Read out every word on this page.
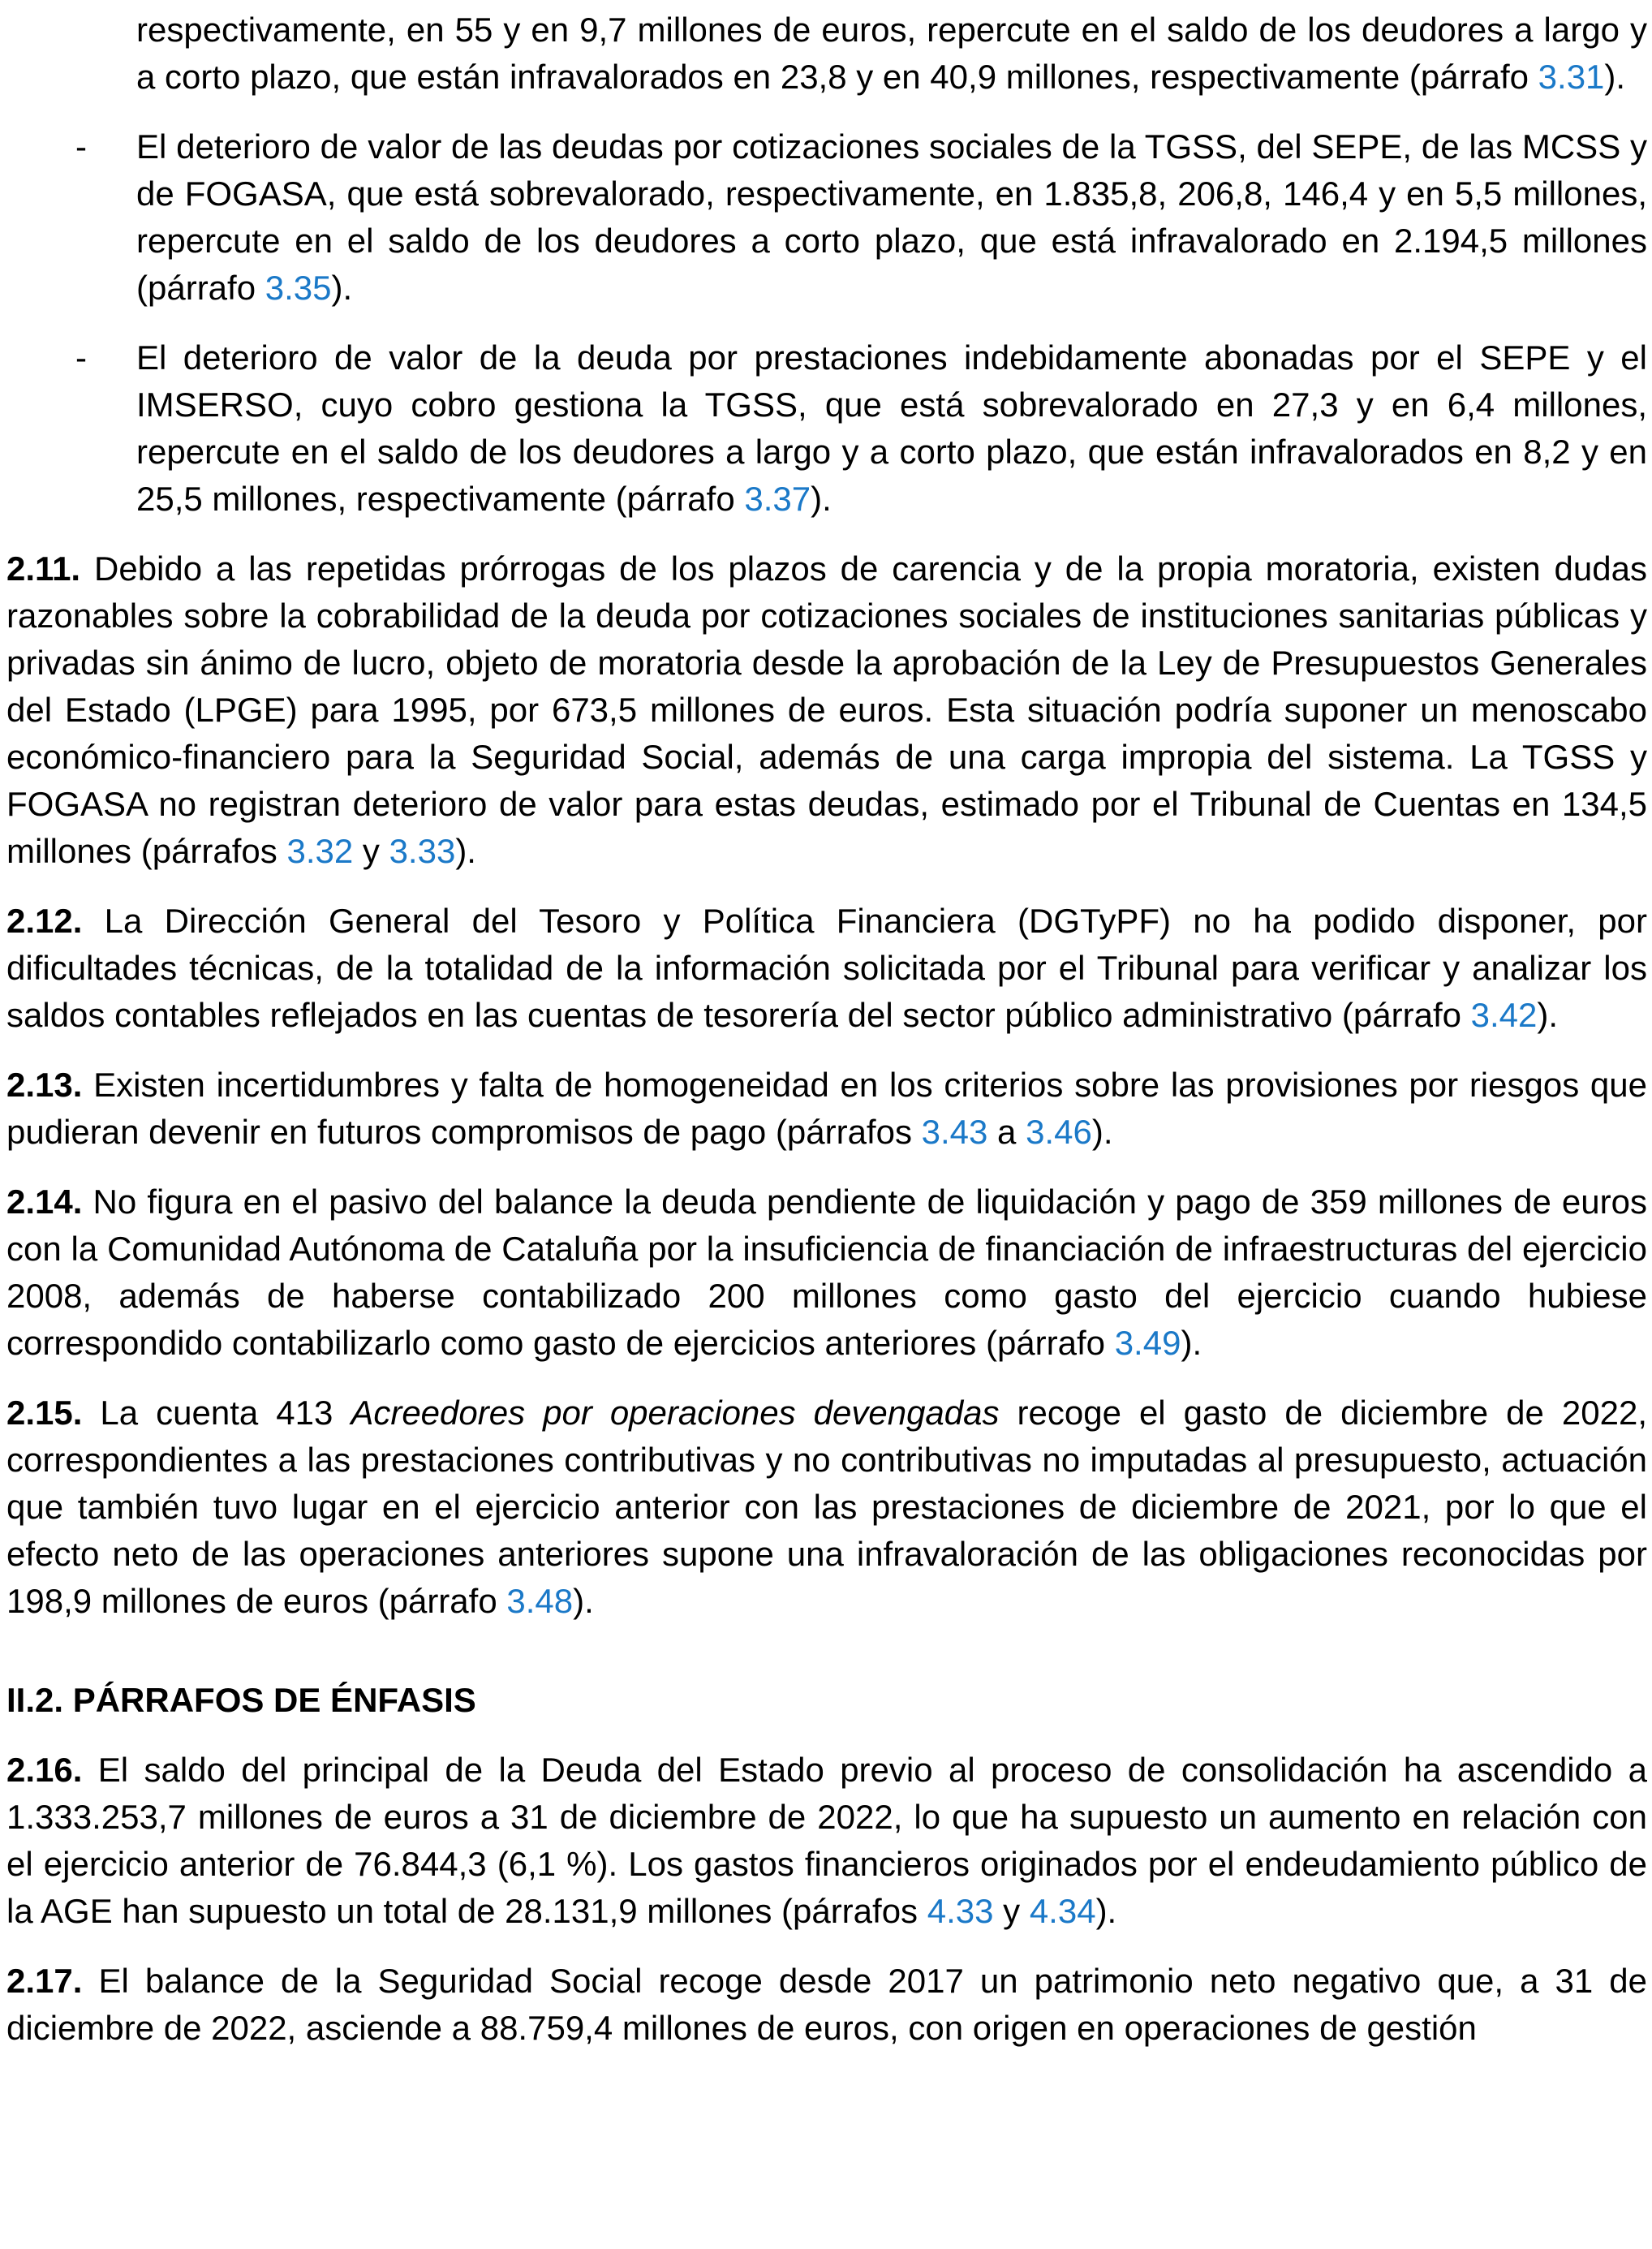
respectivamente, en 55 y en 9,7 millones de euros, repercute en el saldo de los deudores a largo y a corto plazo, que están infravalorados en 23,8 y en 40,9 millones, respectivamente (párrafo 3.31).
- El deterioro de valor de las deudas por cotizaciones sociales de la TGSS, del SEPE, de las MCSS y de FOGASA, que está sobrevalorado, respectivamente, en 1.835,8, 206,8, 146,4 y en 5,5 millones, repercute en el saldo de los deudores a corto plazo, que está infravalorado en 2.194,5 millones (párrafo 3.35).
- El deterioro de valor de la deuda por prestaciones indebidamente abonadas por el SEPE y el IMSERSO, cuyo cobro gestiona la TGSS, que está sobrevalorado en 27,3 y en 6,4 millones, repercute en el saldo de los deudores a largo y a corto plazo, que están infravalorados en 8,2 y en 25,5 millones, respectivamente (párrafo 3.37).

2.11. Debido a las repetidas prórrogas de los plazos de carencia y de la propia moratoria, existen dudas razonables sobre la cobrabilidad de la deuda por cotizaciones sociales de instituciones sanitarias públicas y privadas sin ánimo de lucro, objeto de moratoria desde la aprobación de la Ley de Presupuestos Generales del Estado (LPGE) para 1995, por 673,5 millones de euros. Esta situación podría suponer un menoscabo económico-financiero para la Seguridad Social, además de una carga impropia del sistema. La TGSS y FOGASA no registran deterioro de valor para estas deudas, estimado por el Tribunal de Cuentas en 134,5 millones (párrafos 3.32 y 3.33).

2.12. La Dirección General del Tesoro y Política Financiera (DGTyPF) no ha podido disponer, por dificultades técnicas, de la totalidad de la información solicitada por el Tribunal para verificar y analizar los saldos contables reflejados en las cuentas de tesorería del sector público administrativo (párrafo 3.42).

2.13. Existen incertidumbres y falta de homogeneidad en los criterios sobre las provisiones por riesgos que pudieran devenir en futuros compromisos de pago (párrafos 3.43 a 3.46).

2.14. No figura en el pasivo del balance la deuda pendiente de liquidación y pago de 359 millones de euros con la Comunidad Autónoma de Cataluña por la insuficiencia de financiación de infraestructuras del ejercicio 2008, además de haberse contabilizado 200 millones como gasto del ejercicio cuando hubiese correspondido contabilizarlo como gasto de ejercicios anteriores (párrafo 3.49).

2.15. La cuenta 413 Acreedores por operaciones devengadas recoge el gasto de diciembre de 2022, correspondientes a las prestaciones contributivas y no contributivas no imputadas al presupuesto, actuación que también tuvo lugar en el ejercicio anterior con las prestaciones de diciembre de 2021, por lo que el efecto neto de las operaciones anteriores supone una infravaloración de las obligaciones reconocidas por 198,9 millones de euros (párrafo 3.48).

II.2. PÁRRAFOS DE ÉNFASIS

2.16. El saldo del principal de la Deuda del Estado previo al proceso de consolidación ha ascendido a 1.333.253,7 millones de euros a 31 de diciembre de 2022, lo que ha supuesto un aumento en relación con el ejercicio anterior de 76.844,3 (6,1 %). Los gastos financieros originados por el endeudamiento público de la AGE han supuesto un total de 28.131,9 millones (párrafos 4.33 y 4.34).

2.17. El balance de la Seguridad Social recoge desde 2017 un patrimonio neto negativo que, a 31 de diciembre de 2022, asciende a 88.759,4 millones de euros, con origen en operaciones de gestión
